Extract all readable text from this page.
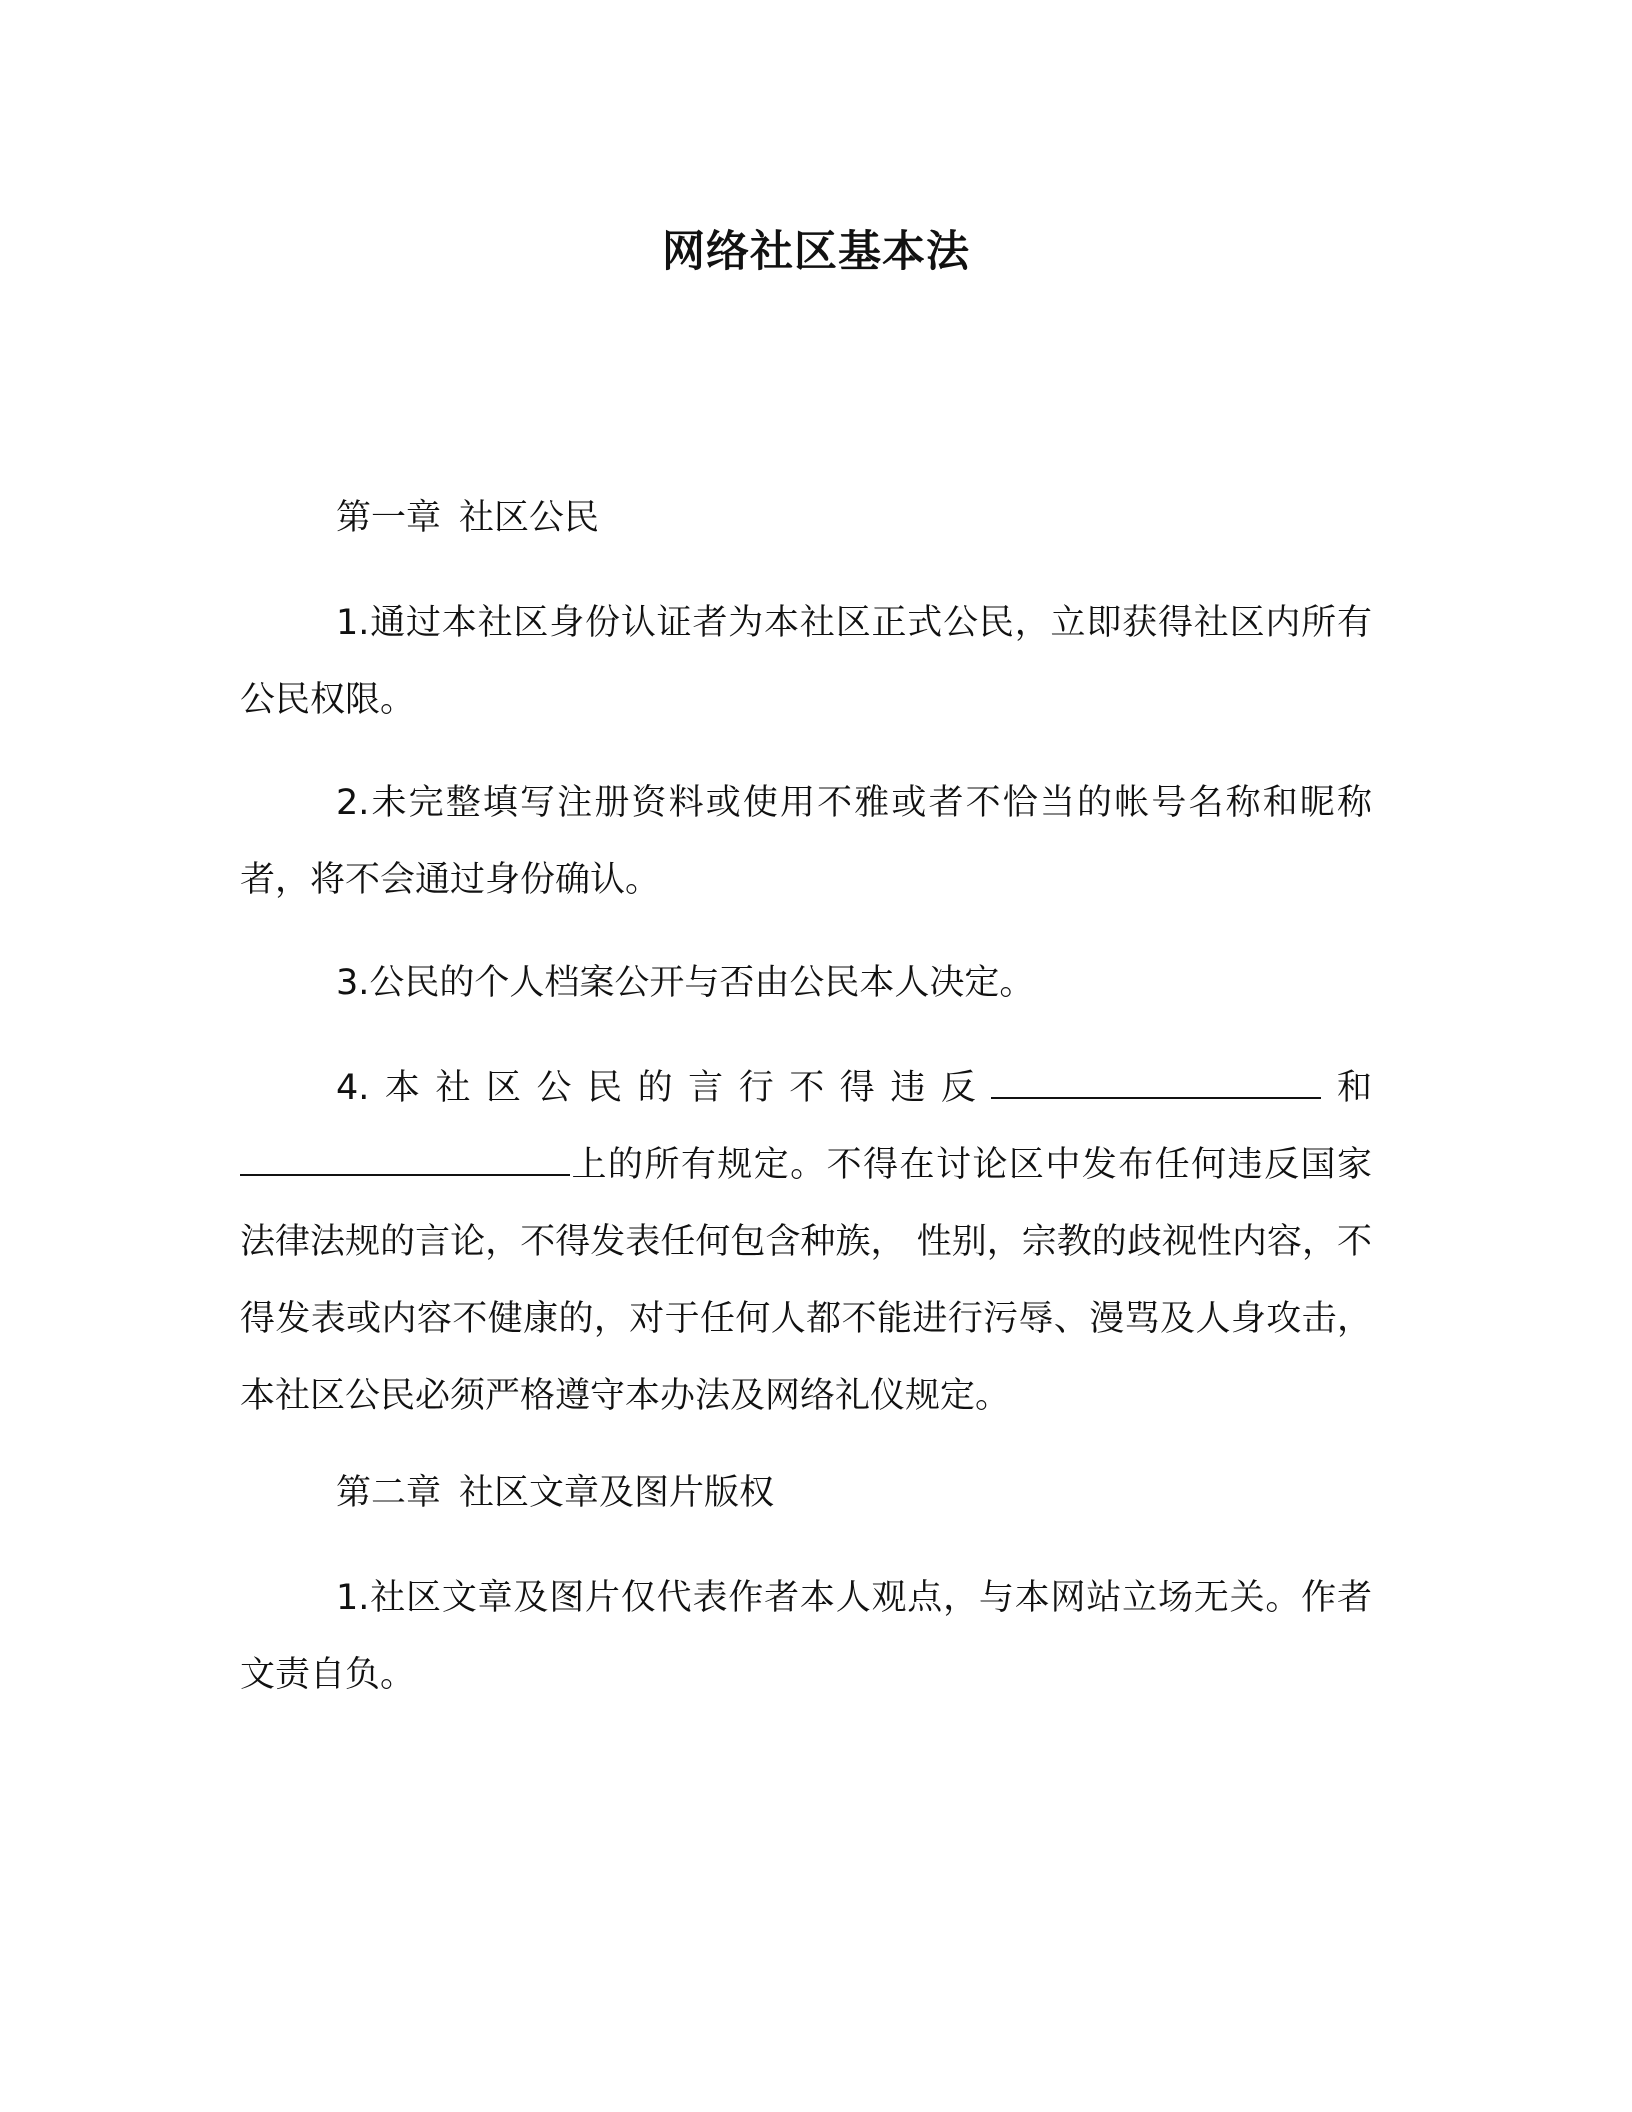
网络社区基本法

第一章 社区公民

1.通过本社区身份认证者为本社区正式公民，立即获得社区内所有公民权限。

2.未完整填写注册资料或使用不雅或者不恰当的帐号名称和昵称者，将不会通过身份确认。

3.公民的个人档案公开与否由公民本人决定。

4.本社区公民的言行不得违反	和上的所有规定。不得在讨论区中发布任何违反国家法律法规的言论，不得发表任何包含种族， 性别，宗教的歧视性内容，不得发表或内容不健康的，对于任何人都不能进行污辱、漫骂及人身攻击，本社区公民必须严格遵守本办法及网络礼仪规定。

第二章 社区文章及图片版权

1.社区文章及图片仅代表作者本人观点，与本网站立场无关。作者文责自负。
